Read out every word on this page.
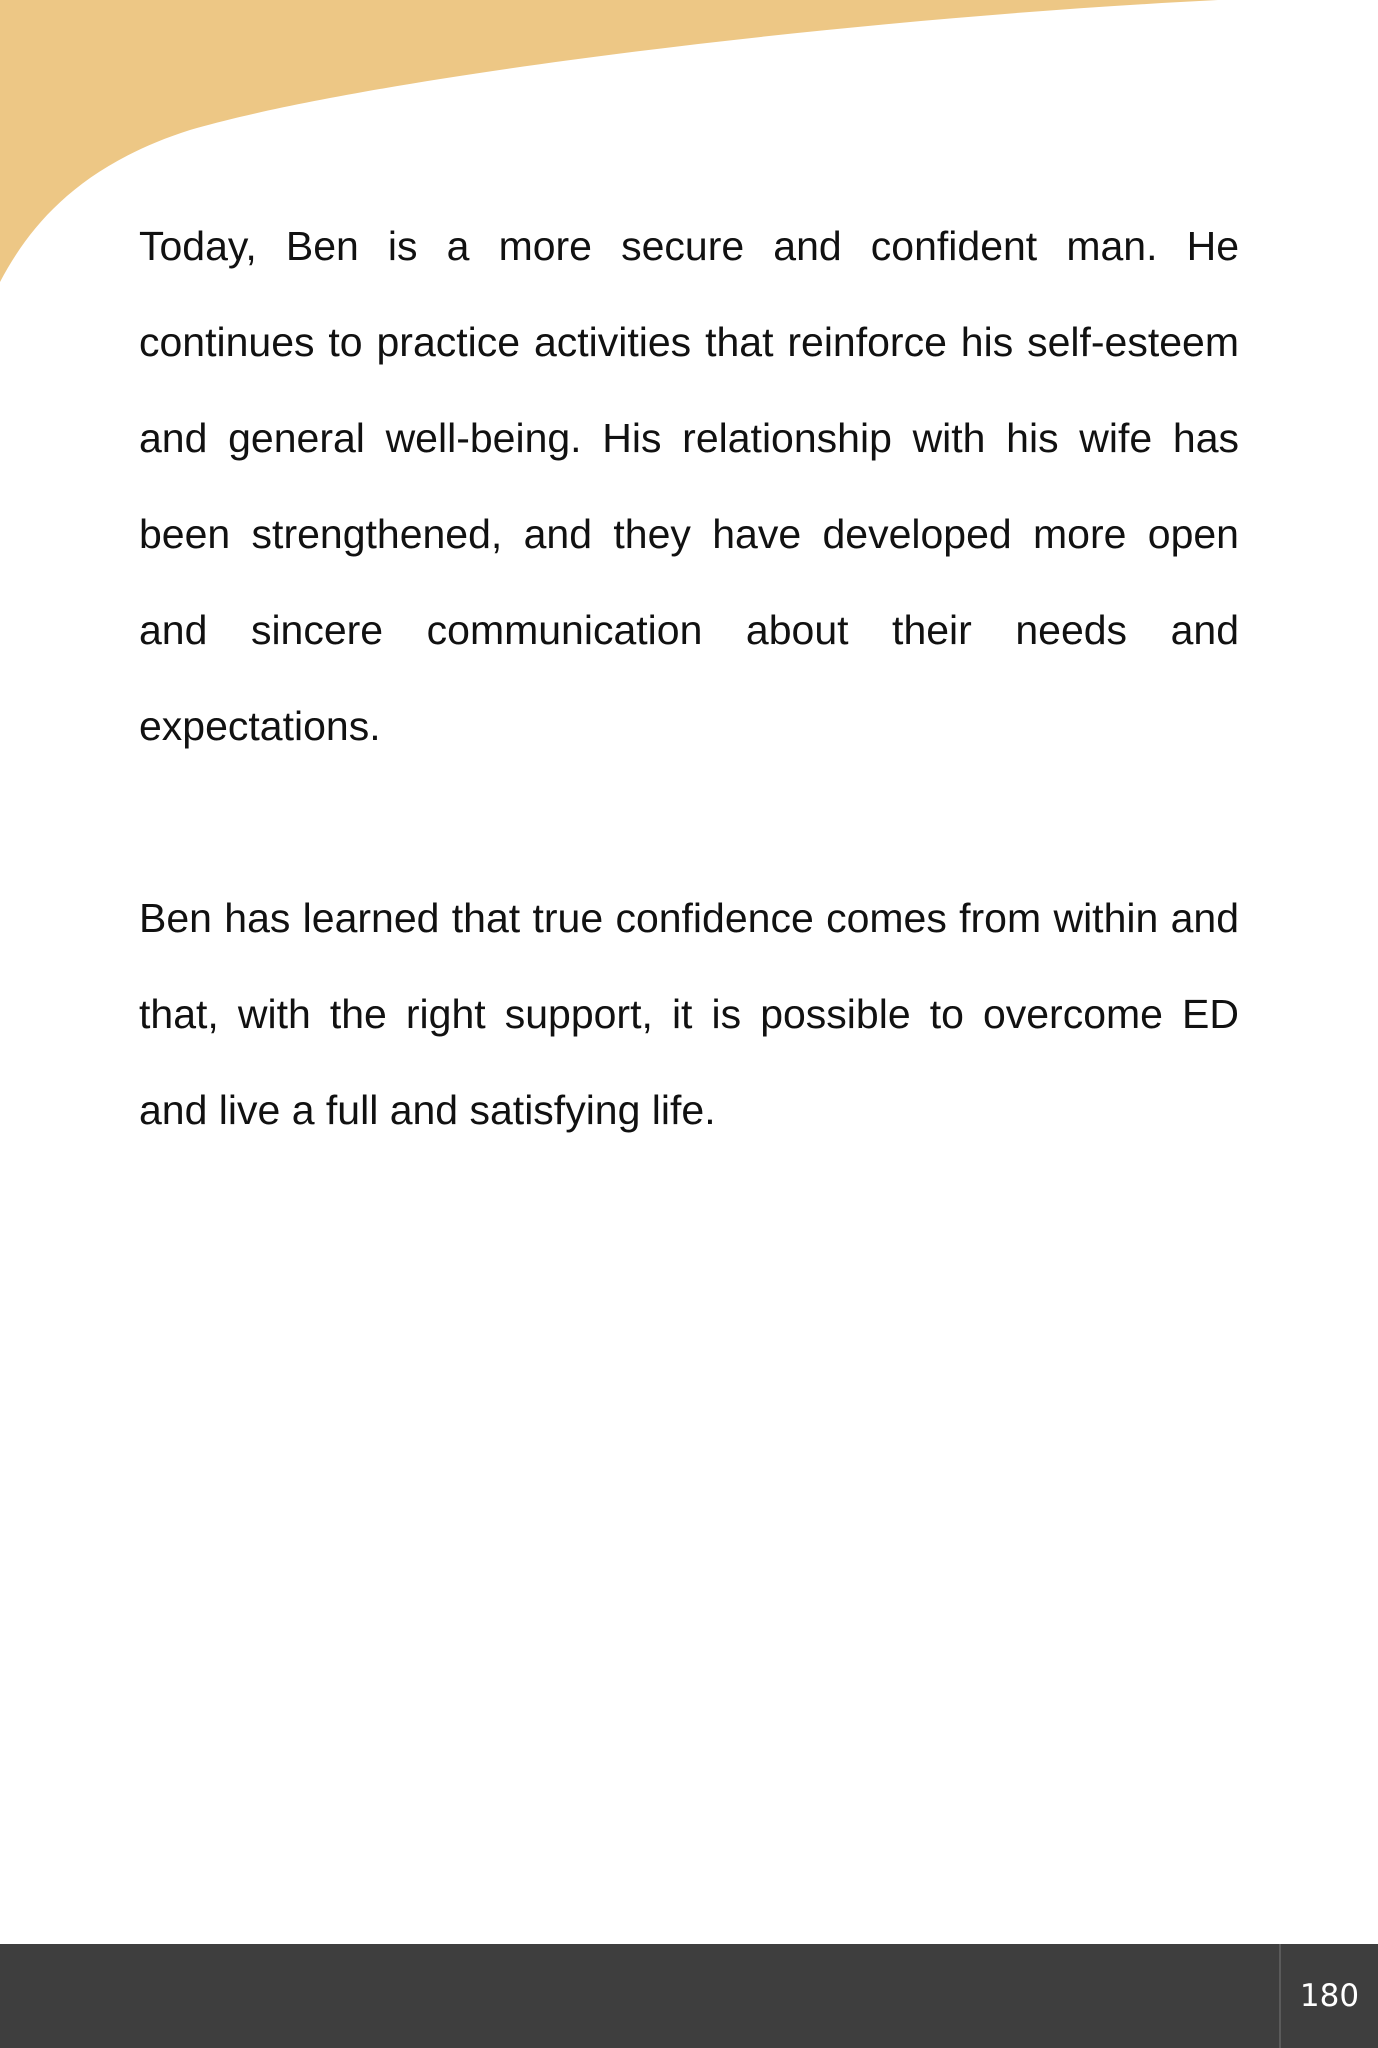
Today, Ben is a more secure and confident man. He continues to practice activities that reinforce his self-esteem and general well-being. His relationship with his wife has been strengthened, and they have developed more open and sincere communication about their needs and expectations.

Ben has learned that true confidence comes from within and that, with the right support, it is possible to overcome ED and live a full and satisfying life.

180
